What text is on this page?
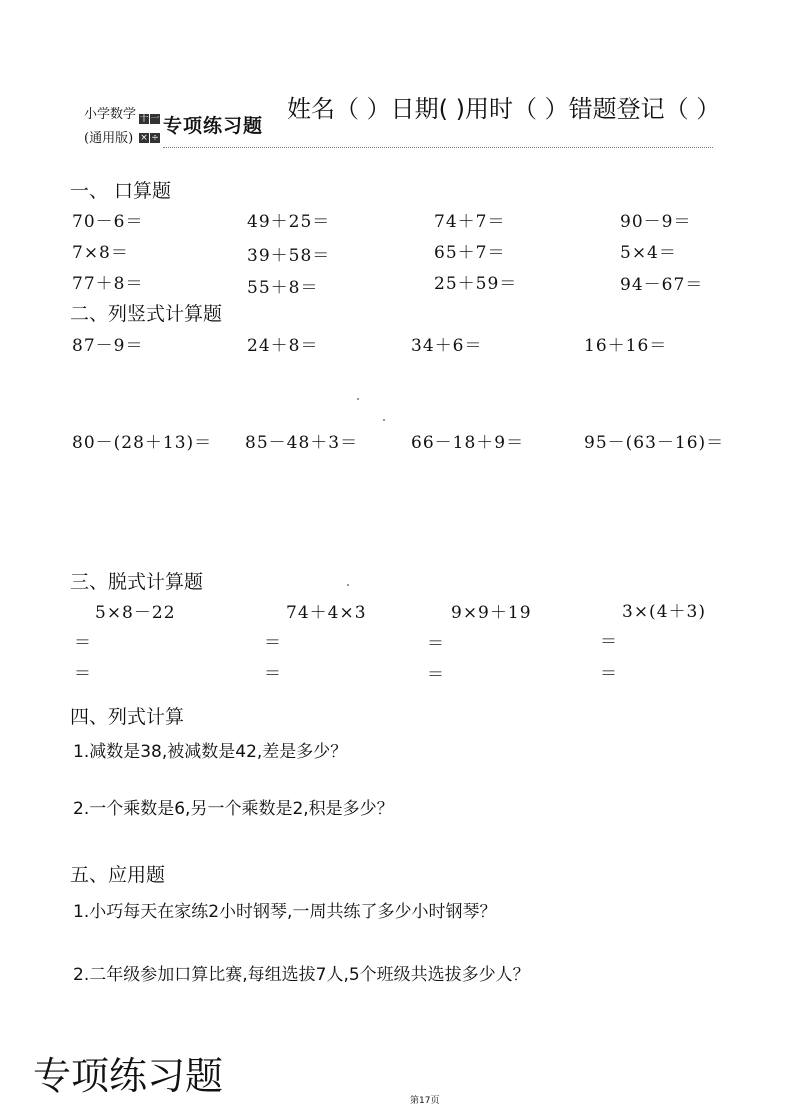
小学数学
(通用版)
十 一
× ÷
专项练习题
姓名（ ）日期( )用时（ ）错题登记（ ）
一、 口算题
70－6＝	49＋25＝	74＋7＝	90－9＝
7×8＝	39＋58＝	65＋7＝	5×4＝
77＋8＝	55＋8＝	25＋59＝	94－67＝
二、列竖式计算题
87－9＝	24＋8＝	34＋6＝	16＋16＝
80－(28＋13)＝ 85－48＋3＝	66－18＋9＝	95－(63－16)＝
三、脱式计算题
5×8－22	74＋4×3	9×9＋19	3×(4＋3)
＝	＝	＝	＝
＝	＝	＝	＝
四、列式计算
1.减数是38,被减数是42,差是多少？
2.一个乘数是6,另一个乘数是2,积是多少？
五、应用题
1.小巧每天在家练2小时钢琴,一周共练了多少小时钢琴？
2.二年级参加口算比赛,每组选拔7人,5个班级共选拔多少人？
专项练习题
第17页
